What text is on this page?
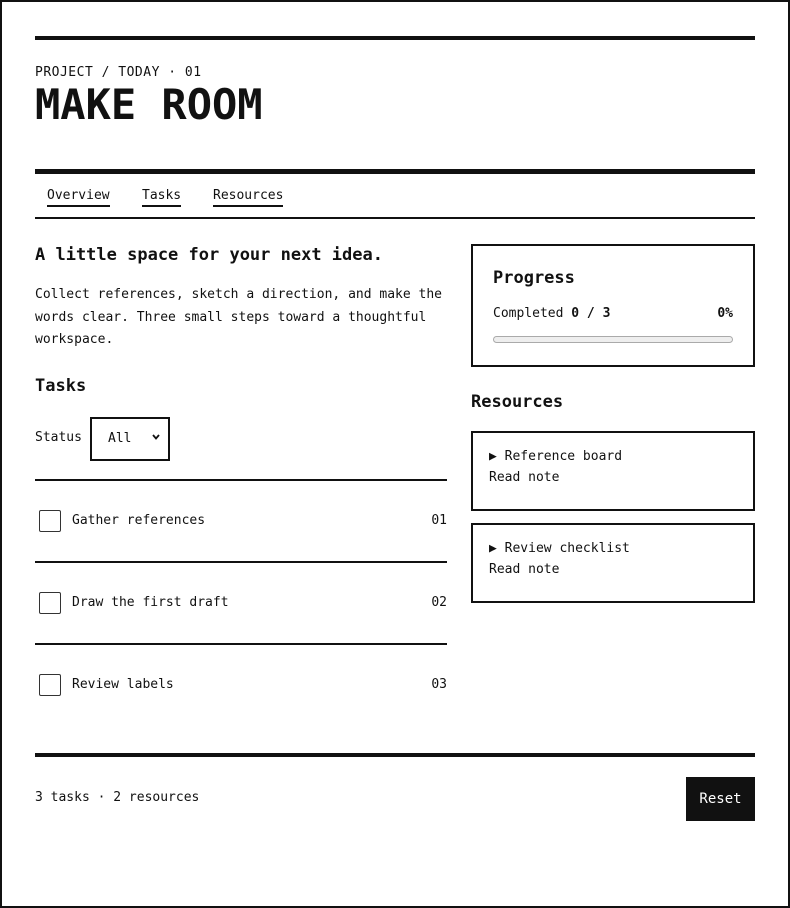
PROJECT / TODAY · 01
MAKE ROOM
Overview Tasks Resources
A little space for your next idea.
Collect references, sketch a direction, and make the words clear. Three small steps toward a thoughtful workspace.
Tasks
Status All
Gather references	01
Draw the first draft	02
Review labels	03
Progress
Completed 0 / 3	0%
Resources
▶ Reference board
Read note
▶ Review checklist
Read note
3 tasks · 2 resources	Reset
